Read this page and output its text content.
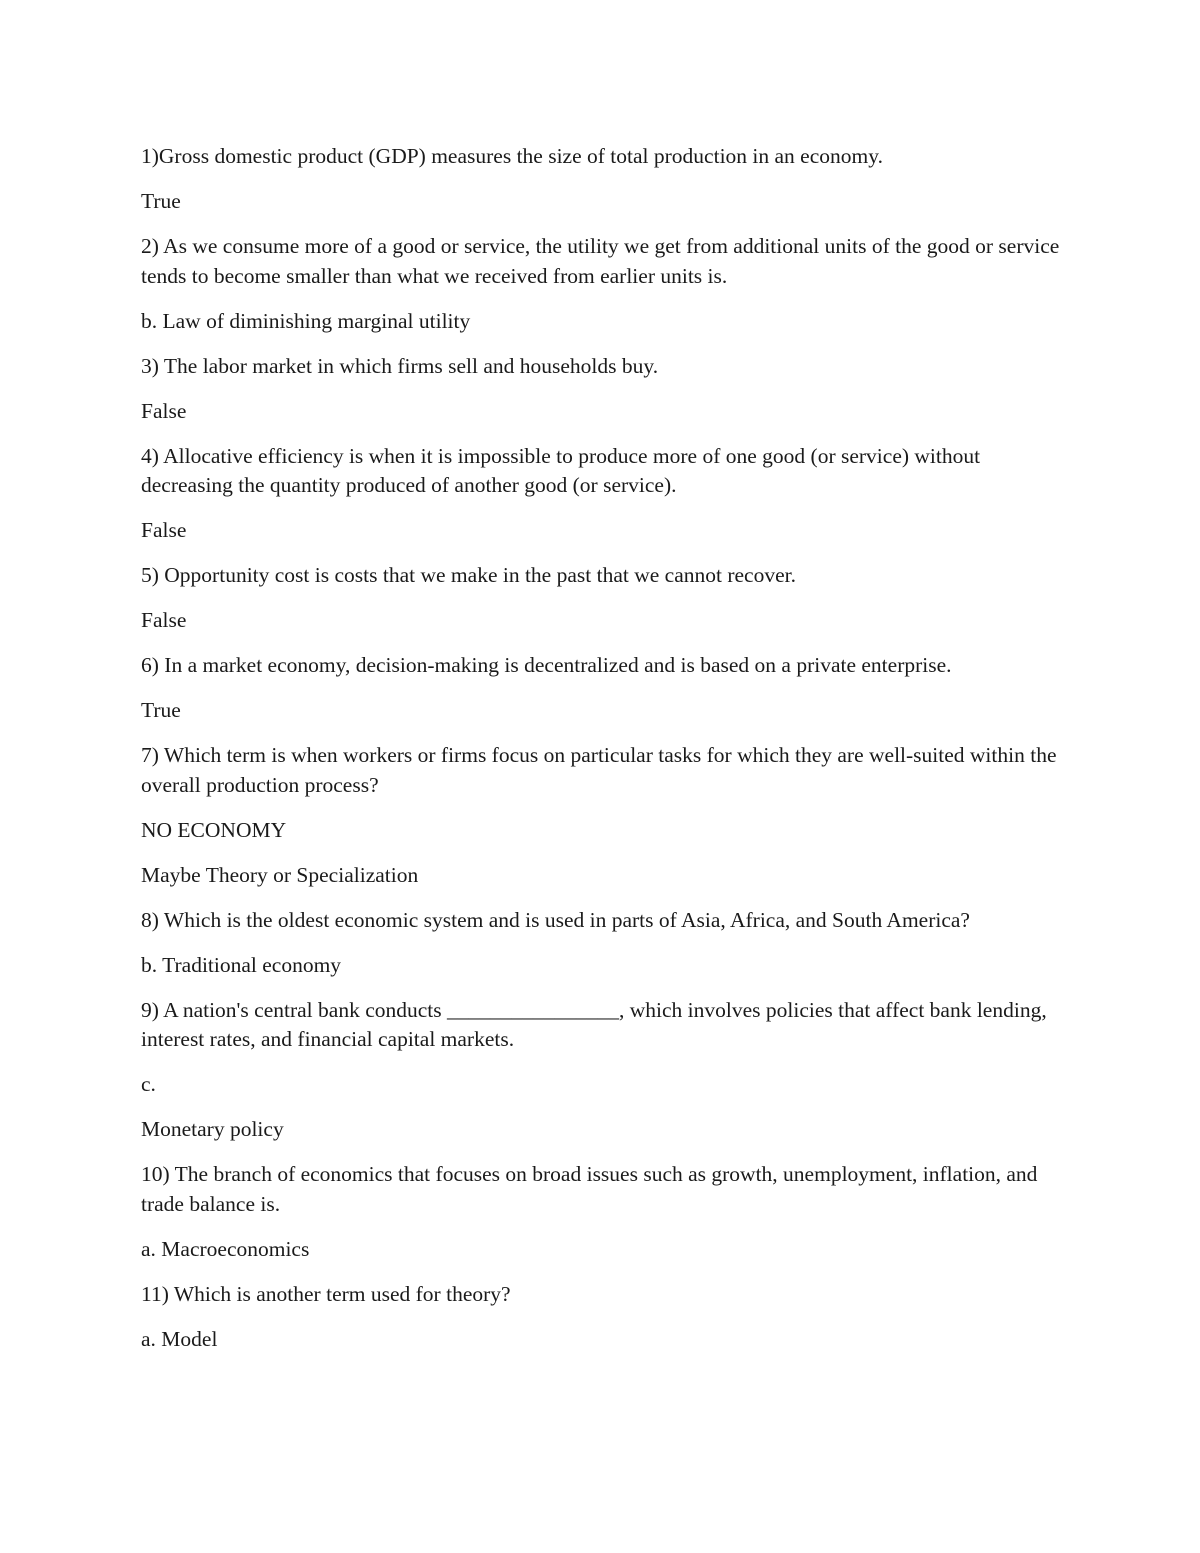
1)Gross domestic product (GDP) measures the size of total production in an economy.

True

2) As we consume more of a good or service, the utility we get from additional units of the good or service tends to become smaller than what we received from earlier units is.

b. Law of diminishing marginal utility

3) The labor market in which firms sell and households buy.

False

4) Allocative efficiency is when it is impossible to produce more of one good (or service) without decreasing the quantity produced of another good (or service).

False

5) Opportunity cost is costs that we make in the past that we cannot recover.

False

6) In a market economy, decision-making is decentralized and is based on a private enterprise.

True

7) Which term is when workers or firms focus on particular tasks for which they are well-suited within the overall production process?

NO ECONOMY

Maybe Theory or Specialization

8) Which is the oldest economic system and is used in parts of Asia, Africa, and South America?

b. Traditional economy

9) A nation's central bank conducts ________________, which involves policies that affect bank lending, interest rates, and financial capital markets.

c.

Monetary policy

10) The branch of economics that focuses on broad issues such as growth, unemployment, inflation, and trade balance is.

a. Macroeconomics

11) Which is another term used for theory?

a. Model
